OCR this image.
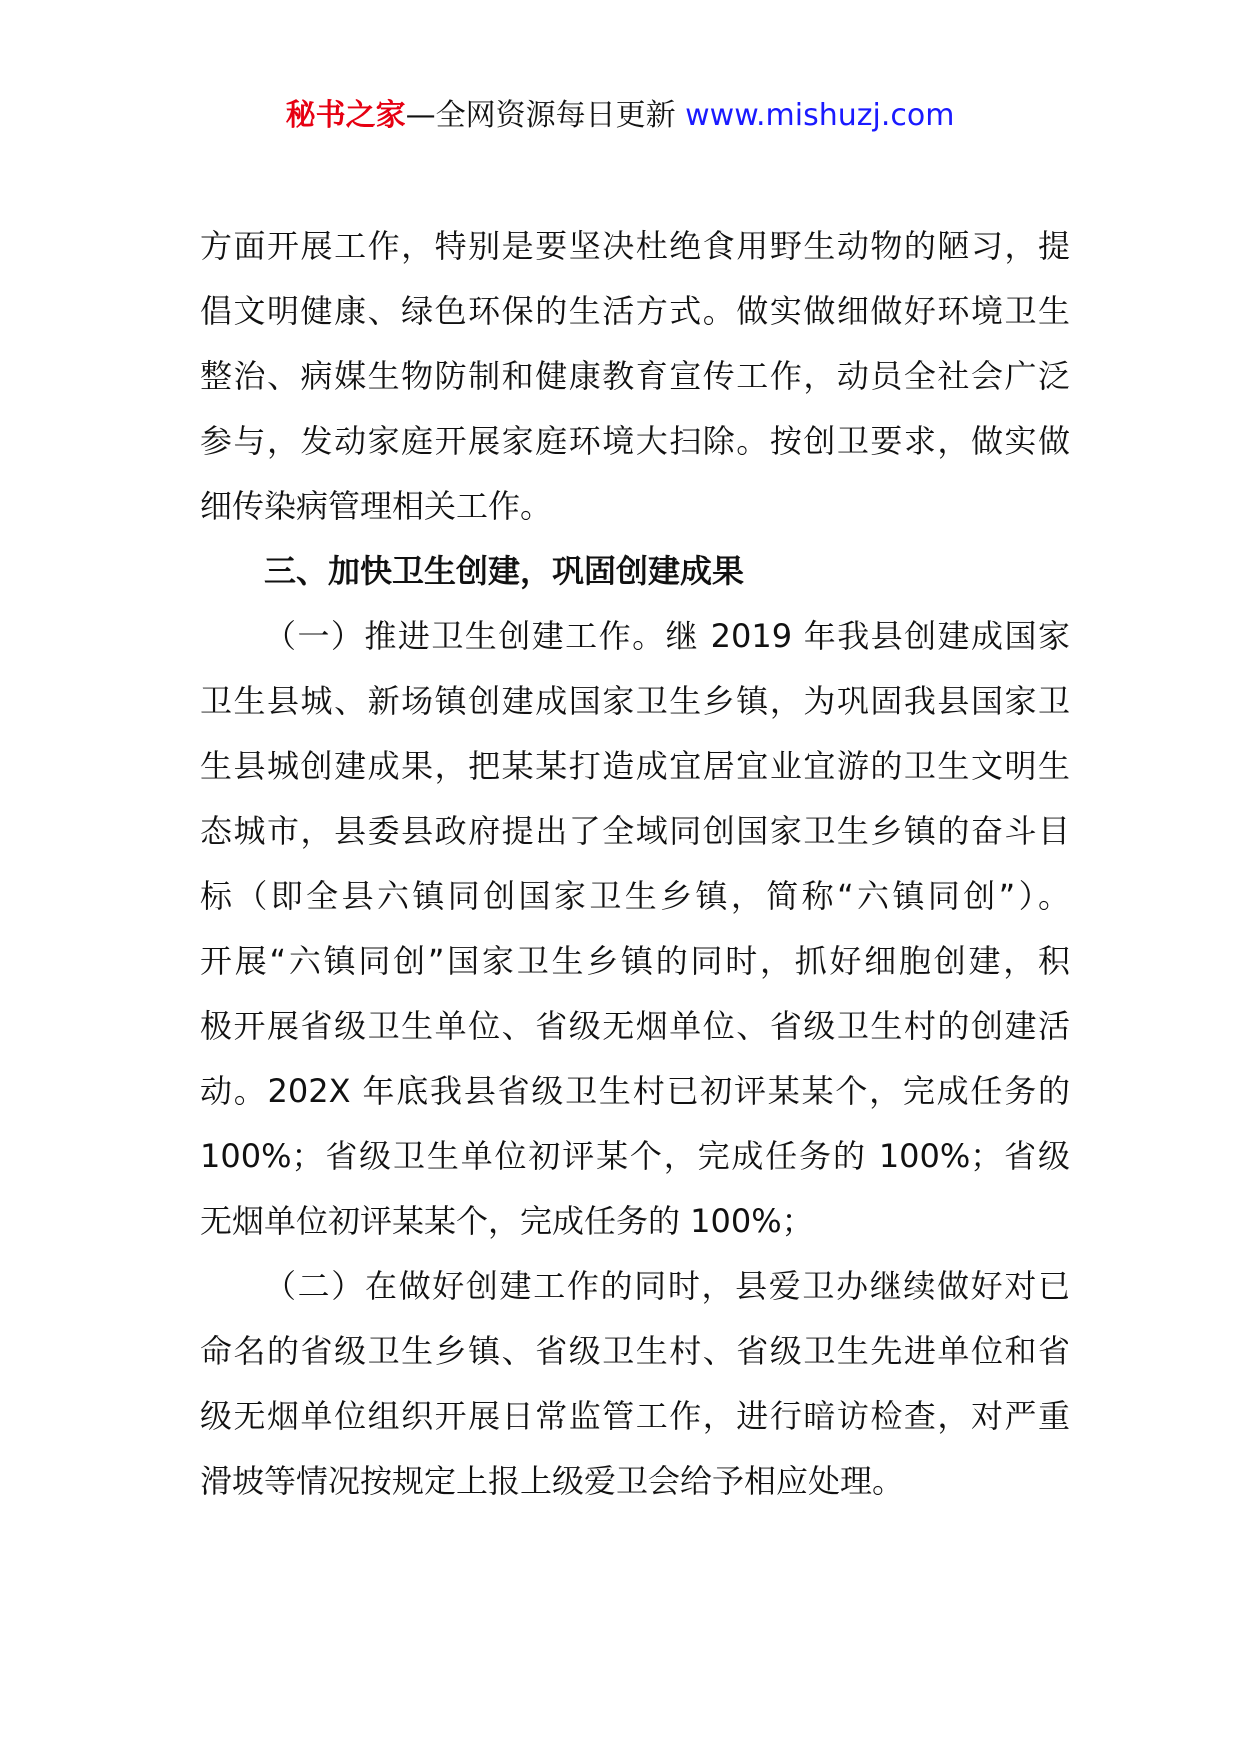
秘书之家—全网资源每日更新 www.mishuzj.com
方面开展工作，特别是要坚决杜绝食用野生动物的陋习，提
倡文明健康、绿色环保的生活方式。做实做细做好环境卫生
整治、病媒生物防制和健康教育宣传工作，动员全社会广泛
参与，发动家庭开展家庭环境大扫除。按创卫要求，做实做
细传染病管理相关工作。
三、加快卫生创建，巩固创建成果
（一）推进卫生创建工作。继 2019 年我县创建成国家
卫生县城、新场镇创建成国家卫生乡镇，为巩固我县国家卫
生县城创建成果，把某某打造成宜居宜业宜游的卫生文明生
态城市，县委县政府提出了全域同创国家卫生乡镇的奋斗目
标（即全县六镇同创国家卫生乡镇，简称“六镇同创”）。
开展“六镇同创”国家卫生乡镇的同时，抓好细胞创建，积
极开展省级卫生单位、省级无烟单位、省级卫生村的创建活
动。202X 年底我县省级卫生村已初评某某个，完成任务的
100%；省级卫生单位初评某个，完成任务的 100%；省级
无烟单位初评某某个，完成任务的 100%；
（二）在做好创建工作的同时，县爱卫办继续做好对已
命名的省级卫生乡镇、省级卫生村、省级卫生先进单位和省
级无烟单位组织开展日常监管工作，进行暗访检查，对严重
滑坡等情况按规定上报上级爱卫会给予相应处理。
